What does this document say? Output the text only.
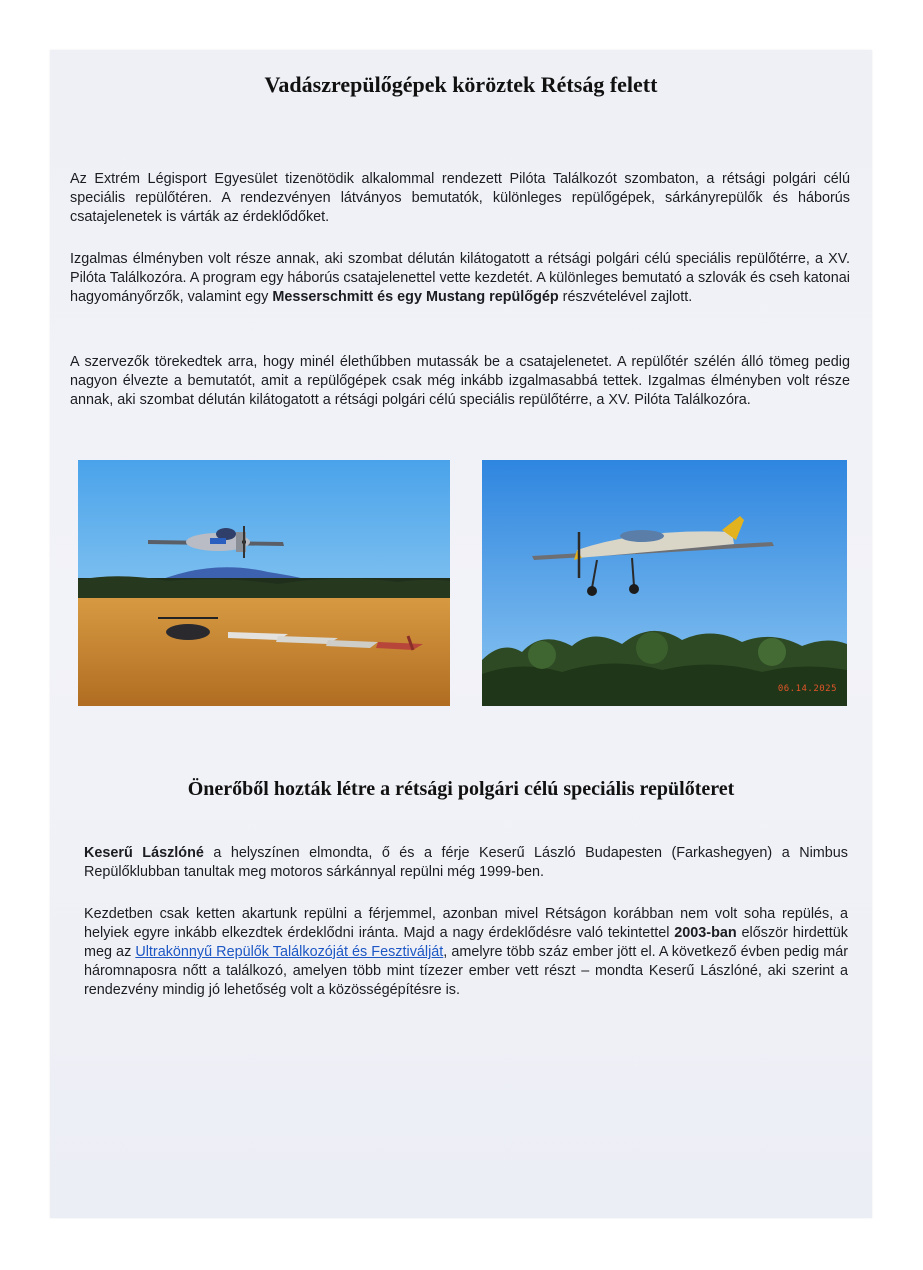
Vadászrepülőgépek köröztek Rétság felett

Az Extrém Légisport Egyesület tizenötödik alkalommal rendezett Pilóta Találkozót szombaton, a rétsági polgári célú speciális repülőtéren. A rendezvényen látványos bemutatók, különleges repülőgépek, sárkányrepülők és háborús csatajelenetek is várták az érdeklődőket.

Izgalmas élményben volt része annak, aki szombat délután kilátogatott a rétsági polgári célú speciális repülőtérre, a XV. Pilóta Találkozóra. A program egy háborús csatajelenettel vette kezdetét. A különleges bemutató a szlovák és cseh katonai hagyományőrzők, valamint egy Messerschmitt és egy Mustang repülőgép részvételével zajlott.

A szervezők törekedtek arra, hogy minél élethűbben mutassák be a csatajelenetet. A repülőtér szélén álló tömeg pedig nagyon élvezte a bemutatót, amit a repülőgépek csak még inkább izgalmasabbá tettek. Izgalmas élményben volt része annak, aki szombat délután kilátogatott a rétsági polgári célú speciális repülőtérre, a XV. Pilóta Találkozóra.

06.14.2025
Önerőből hozták létre a rétsági polgári célú speciális repülőteret

Keserű Lászlóné a helyszínen elmondta, ő és a férje Keserű László Budapesten (Farkashegyen) a Nimbus Repülőklubban tanultak meg motoros sárkánnyal repülni még 1999-ben.

Kezdetben csak ketten akartunk repülni a férjemmel, azonban mivel Rétságon korábban nem volt soha repülés, a helyiek egyre inkább elkezdtek érdeklődni iránta. Majd a nagy érdeklődésre való tekintettel 2003-ban először hirdettük meg az Ultrakönnyű Repülők Találkozóját és Fesztiválját, amelyre több száz ember jött el. A következő évben pedig már háromnaposra nőtt a találkozó, amelyen több mint tízezer ember vett részt – mondta Keserű Lászlóné, aki szerint a rendezvény mindig jó lehetőség volt a közösségépítésre is.
